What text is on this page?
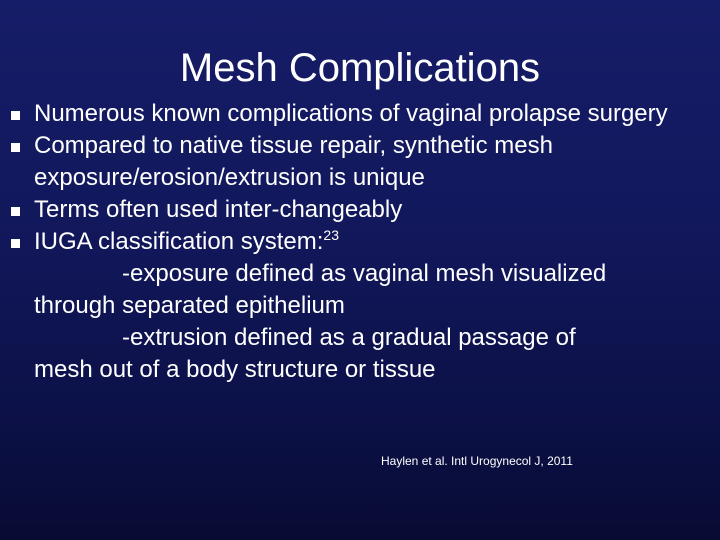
Mesh Complications
Numerous known complications of vaginal prolapse surgery
Compared to native tissue repair, synthetic mesh exposure/erosion/extrusion is unique
Terms often used inter-changeably
IUGA classification system:$^{23}$
-exposure defined as vaginal mesh visualized
through separated epithelium
-extrusion defined as a gradual passage of
mesh out of a body structure or tissue
Haylen et al. Intl Urogynecol J, 2011
